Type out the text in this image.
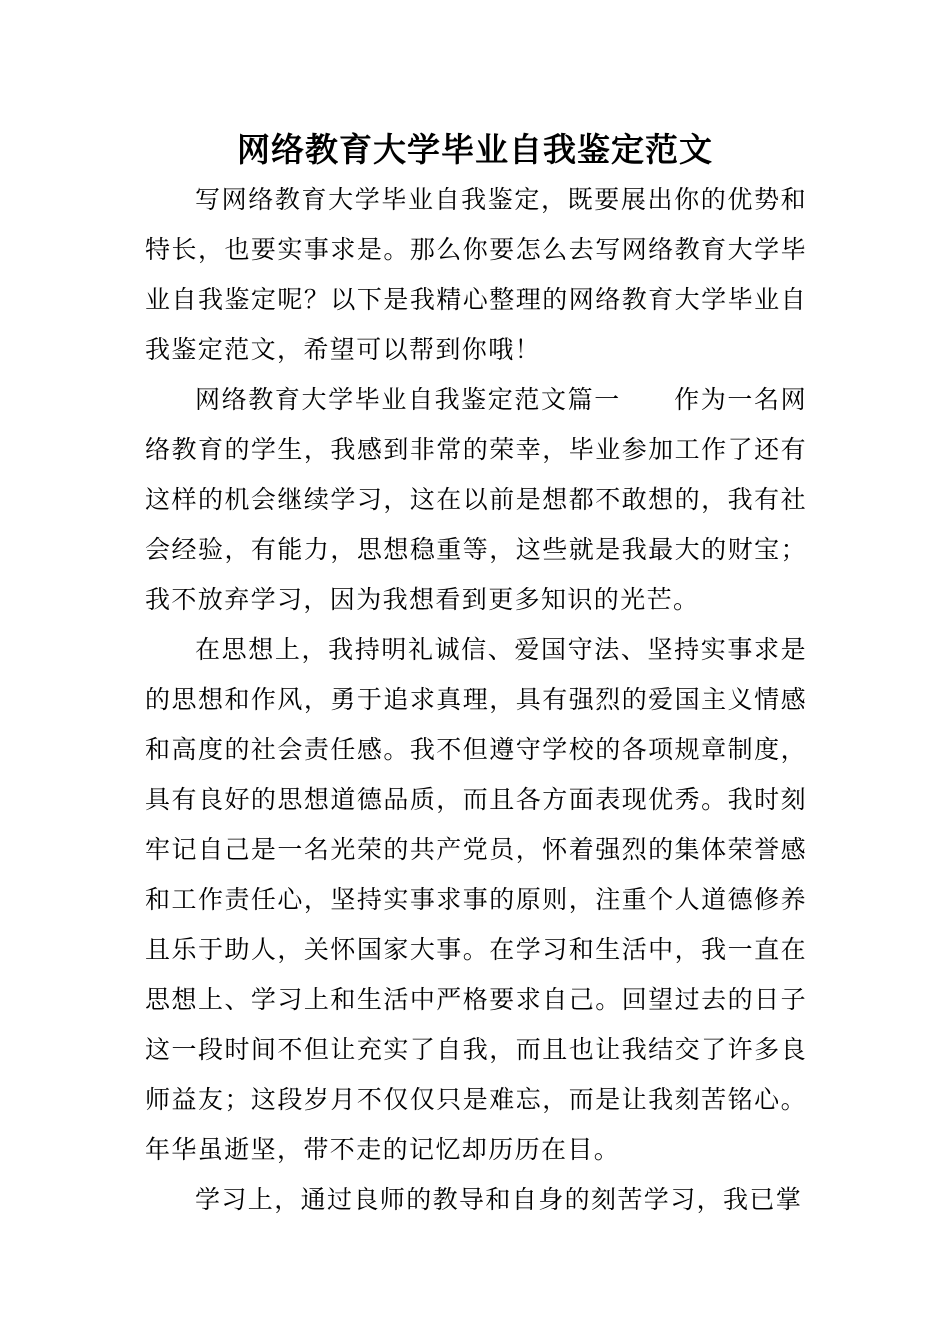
网络教育大学毕业自我鉴定范文

写网络教育大学毕业自我鉴定，既要展出你的优势和特长，也要实事求是。那么你要怎么去写网络教育大学毕业自我鉴定呢？以下是我精心整理的网络教育大学毕业自我鉴定范文，希望可以帮到你哦！

网络教育大学毕业自我鉴定范文篇一　　作为一名网络教育的学生，我感到非常的荣幸，毕业参加工作了还有这样的机会继续学习，这在以前是想都不敢想的，我有社会经验，有能力，思想稳重等，这些就是我最大的财宝；我不放弃学习，因为我想看到更多知识的光芒。

在思想上，我持明礼诚信、爱国守法、坚持实事求是的思想和作风，勇于追求真理，具有强烈的爱国主义情感和高度的社会责任感。我不但遵守学校的各项规章制度，具有良好的思想道德品质，而且各方面表现优秀。我时刻牢记自己是一名光荣的共产党员，怀着强烈的集体荣誉感和工作责任心，坚持实事求事的原则，注重个人道德修养且乐于助人，关怀国家大事。在学习和生活中，我一直在思想上、学习上和生活中严格要求自己。回望过去的日子这一段时间不但让充实了自我，而且也让我结交了许多良师益友；这段岁月不仅仅只是难忘，而是让我刻苦铭心。年华虽逝坚，带不走的记忆却历历在目。

学习上，通过良师的教导和自身的刻苦学习，我已掌
